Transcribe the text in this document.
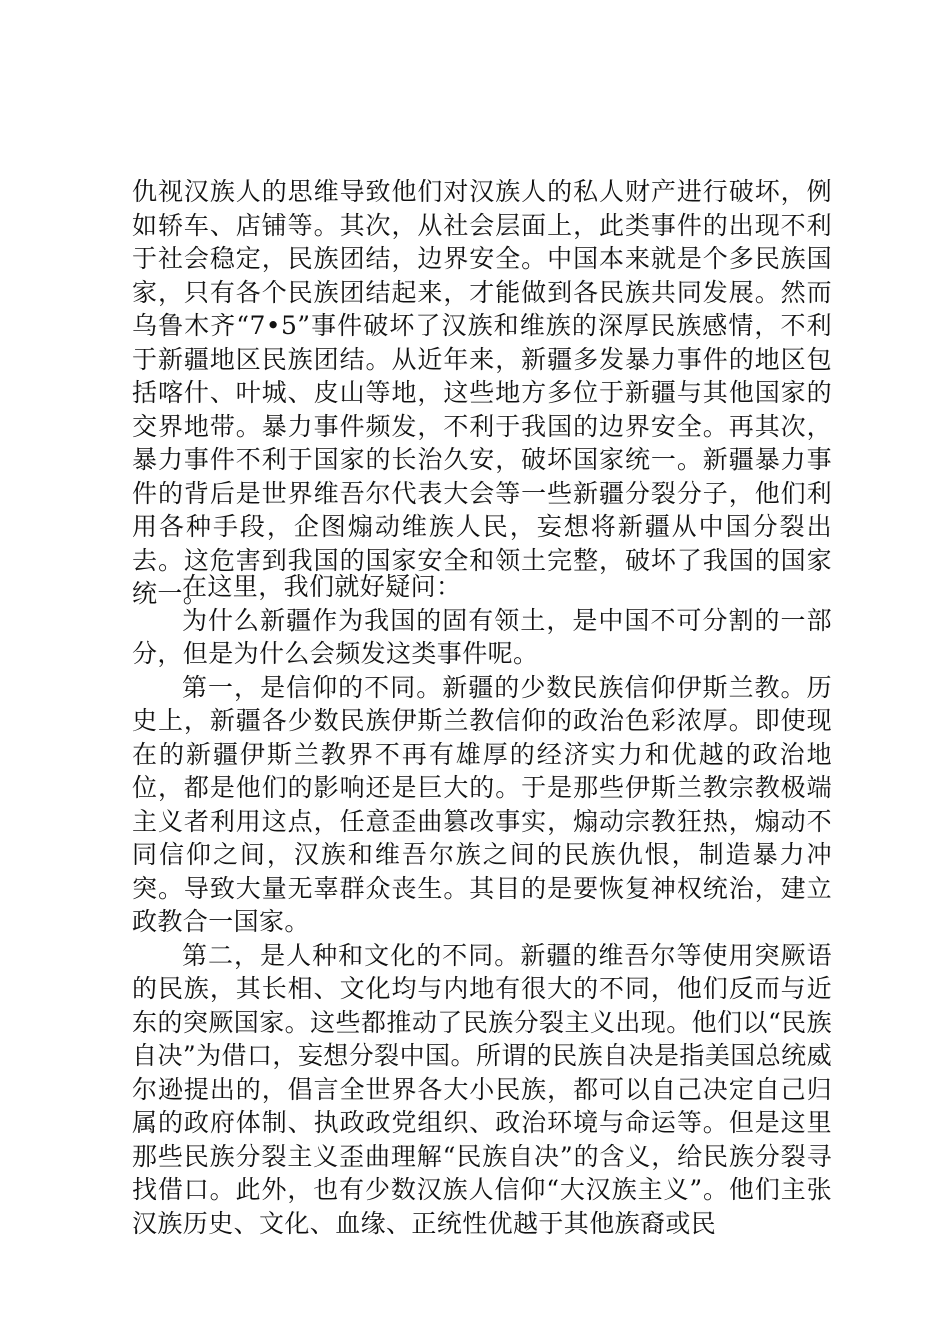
仇视汉族人的思维导致他们对汉族人的私人财产进行破坏，例如轿车、店铺等。其次，从社会层面上，此类事件的出现不利于社会稳定，民族团结，边界安全。中国本来就是个多民族国家，只有各个民族团结起来，才能做到各民族共同发展。然而乌鲁木齐“7•5”事件破坏了汉族和维族的深厚民族感情，不利于新疆地区民族团结。从近年来，新疆多发暴力事件的地区包括喀什、叶城、皮山等地，这些地方多位于新疆与其他国家的交界地带。暴力事件频发，不利于我国的边界安全。再其次，暴力事件不利于国家的长治久安，破坏国家统一。新疆暴力事件的背后是世界维吾尔代表大会等一些新疆分裂分子，他们利用各种手段，企图煽动维族人民，妄想将新疆从中国分裂出去。这危害到我国的国家安全和领土完整，破坏了我国的国家统一。

在这里，我们就好疑问：

为什么新疆作为我国的固有领土，是中国不可分割的一部分，但是为什么会频发这类事件呢。

第一，是信仰的不同。新疆的少数民族信仰伊斯兰教。历史上，新疆各少数民族伊斯兰教信仰的政治色彩浓厚。即使现在的新疆伊斯兰教界不再有雄厚的经济实力和优越的政治地位，都是他们的影响还是巨大的。于是那些伊斯兰教宗教极端主义者利用这点，任意歪曲篡改事实，煽动宗教狂热，煽动不同信仰之间，汉族和维吾尔族之间的民族仇恨，制造暴力冲突。导致大量无辜群众丧生。其目的是要恢复神权统治，建立政教合一国家。

第二，是人种和文化的不同。新疆的维吾尔等使用突厥语的民族，其长相、文化均与内地有很大的不同，他们反而与近东的突厥国家。这些都推动了民族分裂主义出现。他们以“民族自决”为借口，妄想分裂中国。所谓的民族自决是指美国总统威尔逊提出的，倡言全世界各大小民族，都可以自己决定自己归属的政府体制、执政政党组织、政治环境与命运等。但是这里那些民族分裂主义歪曲理解“民族自决”的含义，给民族分裂寻找借口。此外，也有少数汉族人信仰“大汉族主义”。他们主张汉族历史、文化、血缘、正统性优越于其他族裔或民
